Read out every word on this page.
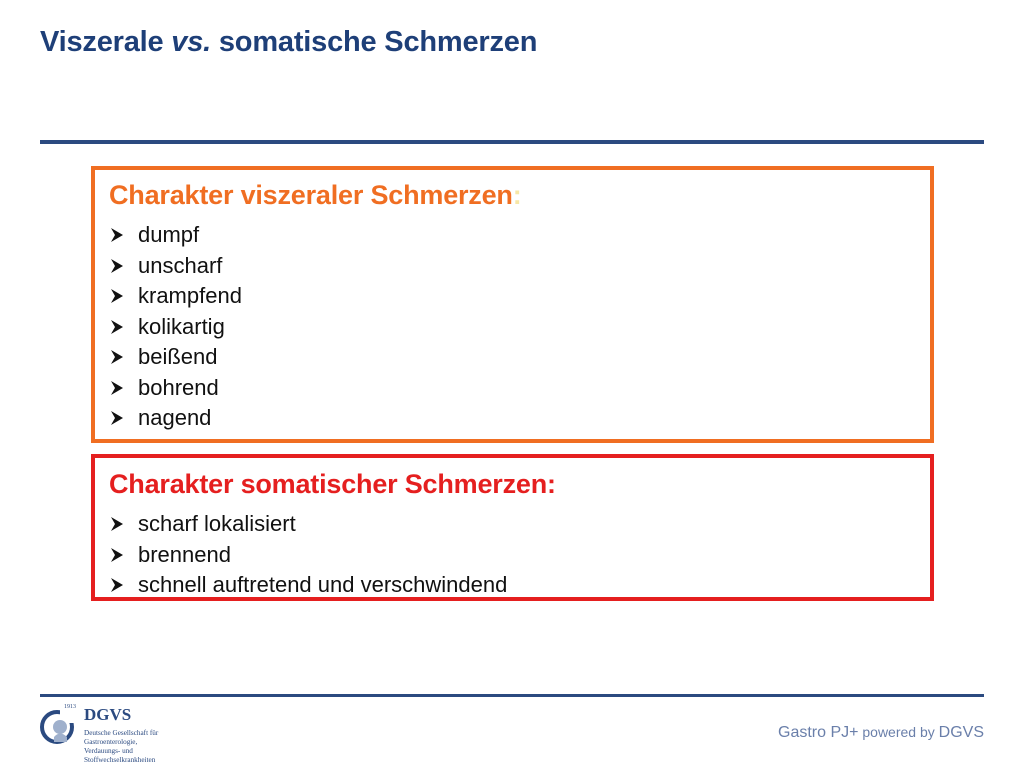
Viszerale vs. somatische Schmerzen
Charakter viszeraler Schmerzen:
dumpf
unscharf
krampfend
kolikartig
beißend
bohrend
nagend
Charakter somatischer Schmerzen:
scharf lokalisiert
brennend
schnell auftretend und verschwindend
1913 DGVS
Deutsche Gesellschaft für
Gastroenterologie,
Verdauungs- und
Stoffwechselkrankheiten
Gastro PJ+ powered by DGVS
